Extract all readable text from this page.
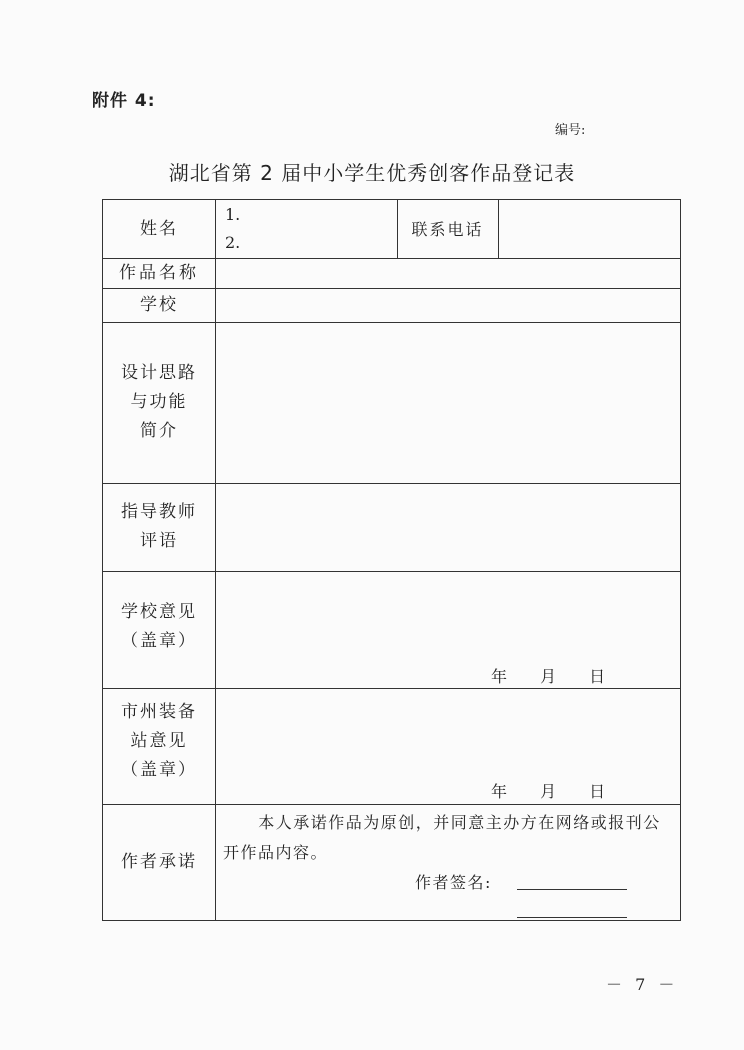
附件 4:
编号:
湖北省第 2 届中小学生优秀创客作品登记表
姓名
1.
2.
联系电话
作品名称
学校
设计思路
与功能
简介
指导教师
评语
学校意见
（盖章）
年 月 日
市州装备
站意见
（盖章）
年 月 日
作者承诺
本人承诺作品为原创，并同意主办方在网络或报刊公开作品内容。
作者签名:
－ 7 －
